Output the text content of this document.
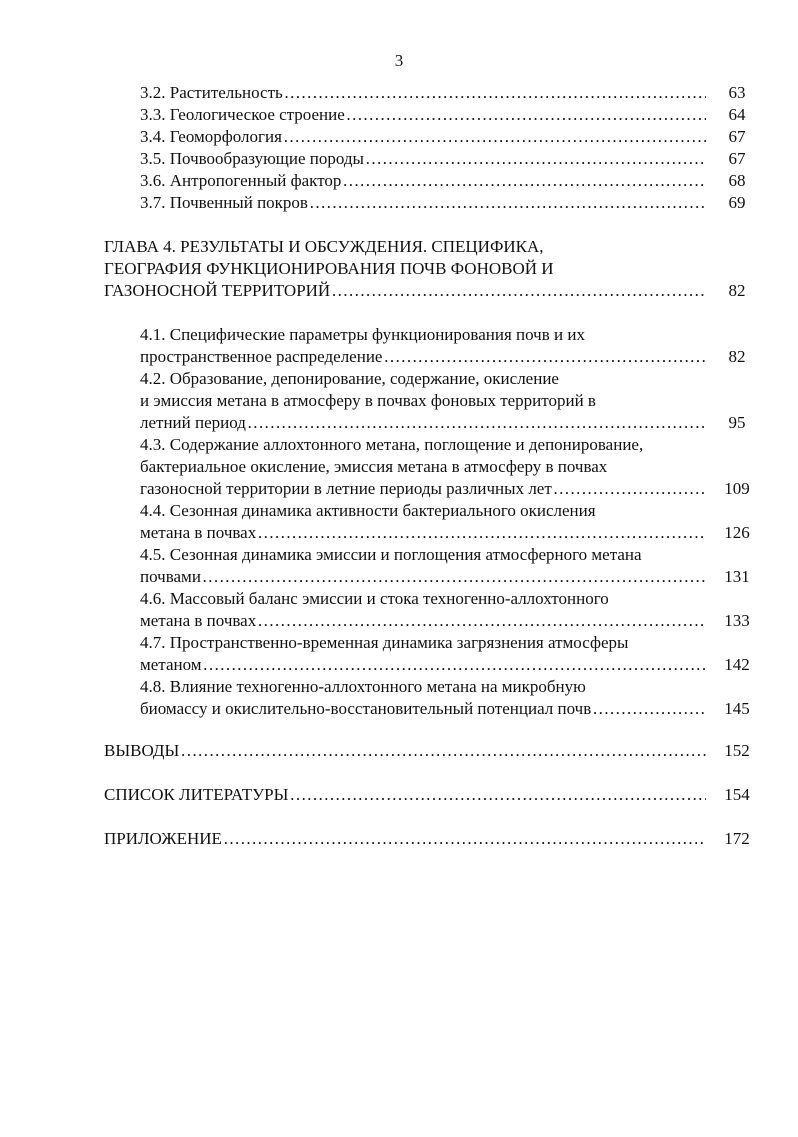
3
3.2. Растительность ………………………………………………………………………………………………………………………………………………………………………………………………	63
3.3. Геологическое строение ………………………………………………………………………………………………………………………………………………………………………………………………	64
3.4. Геоморфология ………………………………………………………………………………………………………………………………………………………………………………………………	67
3.5. Почвообразующие породы ………………………………………………………………………………………………………………………………………………………………………………………………	67
3.6. Антропогенный фактор ………………………………………………………………………………………………………………………………………………………………………………………………	68
3.7. Почвенный покров ………………………………………………………………………………………………………………………………………………………………………………………………	69
ГЛАВА 4. РЕЗУЛЬТАТЫ И ОБСУЖДЕНИЯ. СПЕЦИФИКА,
ГЕОГРАФИЯ ФУНКЦИОНИРОВАНИЯ ПОЧВ ФОНОВОЙ И
ГАЗОНОСНОЙ ТЕРРИТОРИЙ ………………………………………………………………………………………………………………………………………………………………………………………………	82
4.1. Специфические параметры функционирования почв и их
пространственное распределение ………………………………………………………………………………………………………………………………………………………………………………………………	82
4.2. Образование, депонирование, содержание, окисление
и эмиссия метана в атмосферу в почвах фоновых территорий в
летний период ………………………………………………………………………………………………………………………………………………………………………………………………	95
4.3. Содержание аллохтонного метана, поглощение и депонирование,
бактериальное окисление, эмиссия метана в атмосферу в почвах
газоносной территории в летние периоды различных лет ………………………………………………………………………………………………………………………………………………………………………………………………	109
4.4. Сезонная динамика активности бактериального окисления
метана в почвах ………………………………………………………………………………………………………………………………………………………………………………………………	126
4.5. Сезонная динамика эмиссии и поглощения атмосферного метана
почвами ………………………………………………………………………………………………………………………………………………………………………………………………	131
4.6. Массовый баланс эмиссии и стока техногенно-аллохтонного
метана в почвах ………………………………………………………………………………………………………………………………………………………………………………………………	133
4.7. Пространственно-временная динамика загрязнения атмосферы
метаном ………………………………………………………………………………………………………………………………………………………………………………………………	142
4.8. Влияние техногенно-аллохтонного метана на микробную
биомассу и окислительно-восстановительный потенциал почв ………………………………………………………………………………………………………………………………………………………………………………………………	145
ВЫВОДЫ ………………………………………………………………………………………………………………………………………………………………………………………………	152
СПИСОК ЛИТЕРАТУРЫ ………………………………………………………………………………………………………………………………………………………………………………………………	154
ПРИЛОЖЕНИЕ ………………………………………………………………………………………………………………………………………………………………………………………………	172
